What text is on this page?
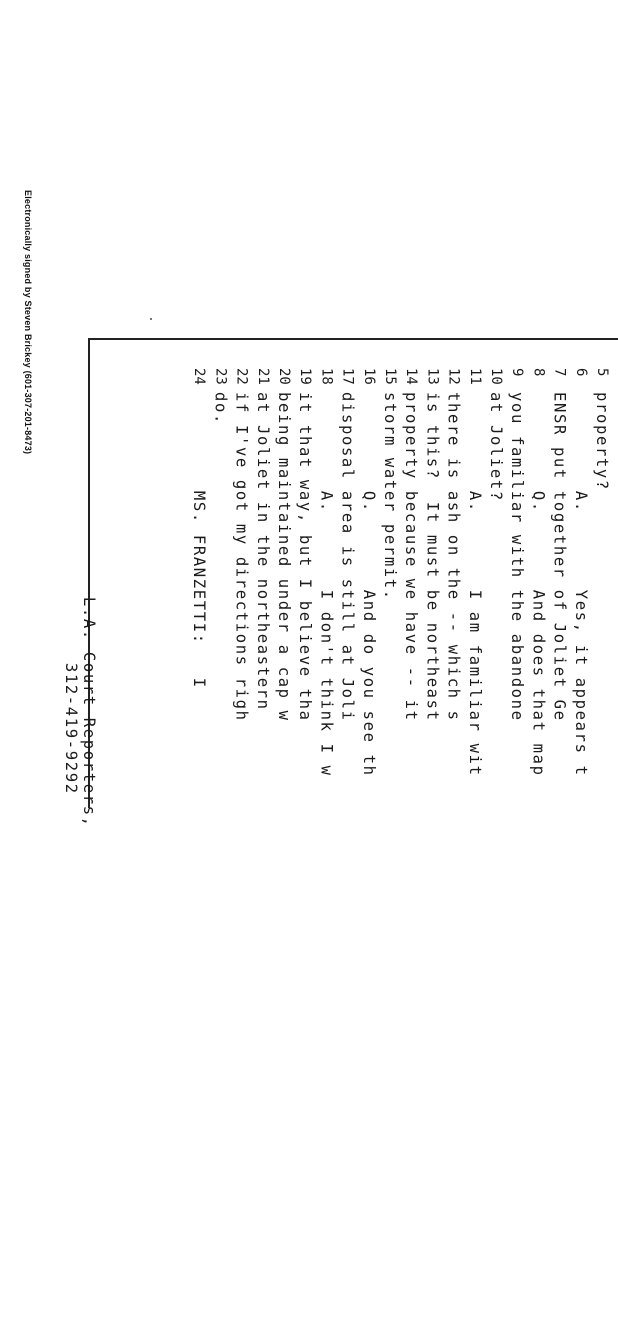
Electronically signed by Steven Brickey (601-307-201-8473)	5
property?
6
A.       Yes, it appears t
7
ENSR put together of Joliet Ge
8
Q.       And does that map
9
you familiar with the abandone
10
at Joliet?
11
A.       I am familiar wit
12
there is ash on the -- which s
13
is this?  It must be northeast
14
property because we have -- it
15
storm water permit.
16
Q.       And do you see th
17
disposal area is still at Joli
18
A.       I don't think I w
19
it that way, but I believe tha
20
being maintained under a cap w
21
at Joliet in the northeastern
22
if I've got my directions righ
23
do.
24
MS. FRANZETTI:   I
L.A. Court Reporters,
312-419-9292
